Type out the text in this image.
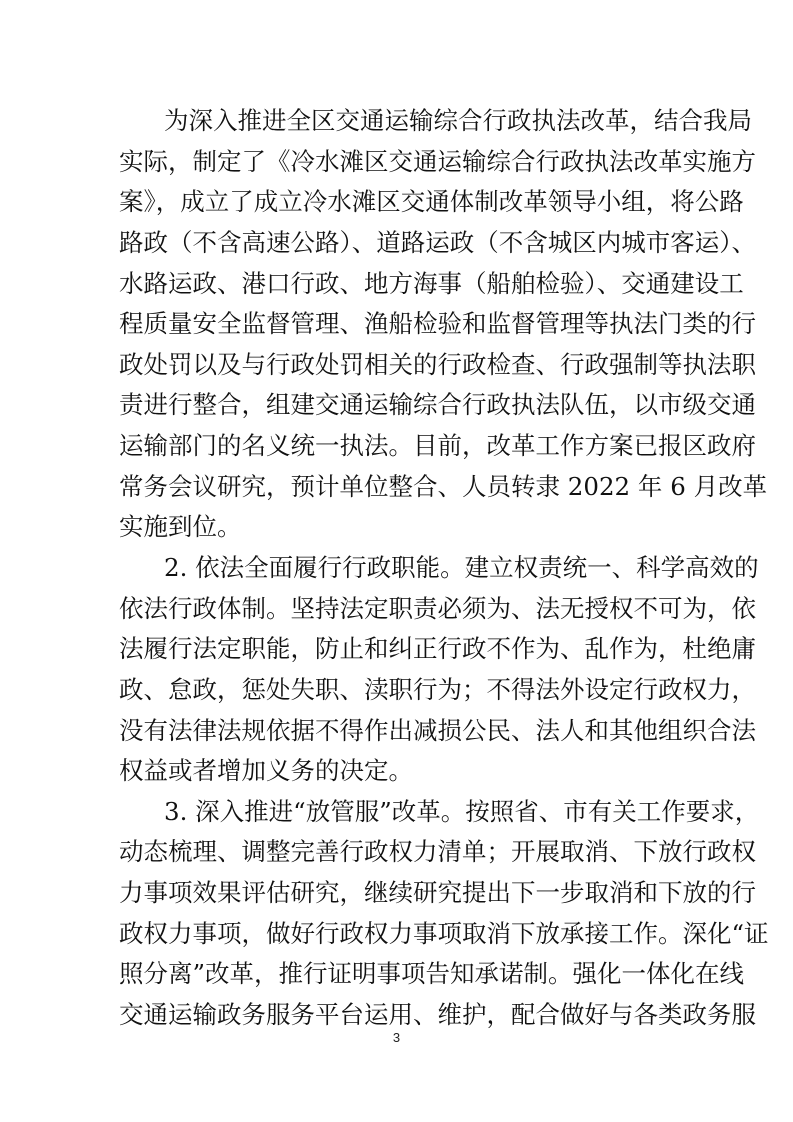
为深入推进全区交通运输综合行政执法改革，结合我局
实际，制定了《冷水滩区交通运输综合行政执法改革实施方
案》，成立了成立冷水滩区交通体制改革领导小组，将公路
路政（不含高速公路）、道路运政（不含城区内城市客运）、
水路运政、港口行政、地方海事（船舶检验）、交通建设工
程质量安全监督管理、渔船检验和监督管理等执法门类的行
政处罚以及与行政处罚相关的行政检查、行政强制等执法职
责进行整合，组建交通运输综合行政执法队伍，以市级交通
运输部门的名义统一执法。目前，改革工作方案已报区政府
常务会议研究，预计单位整合、人员转隶 2022 年 6 月改革
实施到位。
2. 依法全面履行行政职能。建立权责统一、科学高效的
依法行政体制。坚持法定职责必须为、法无授权不可为，依
法履行法定职能，防止和纠正行政不作为、乱作为，杜绝庸
政、怠政，惩处失职、渎职行为；不得法外设定行政权力，
没有法律法规依据不得作出减损公民、法人和其他组织合法
权益或者增加义务的决定。
3. 深入推进“放管服”改革。按照省、市有关工作要求，
动态梳理、调整完善行政权力清单；开展取消、下放行政权
力事项效果评估研究，继续研究提出下一步取消和下放的行
政权力事项，做好行政权力事项取消下放承接工作。深化“证
照分离”改革，推行证明事项告知承诺制。强化一体化在线
交通运输政务服务平台运用、维护，配合做好与各类政务服
3
